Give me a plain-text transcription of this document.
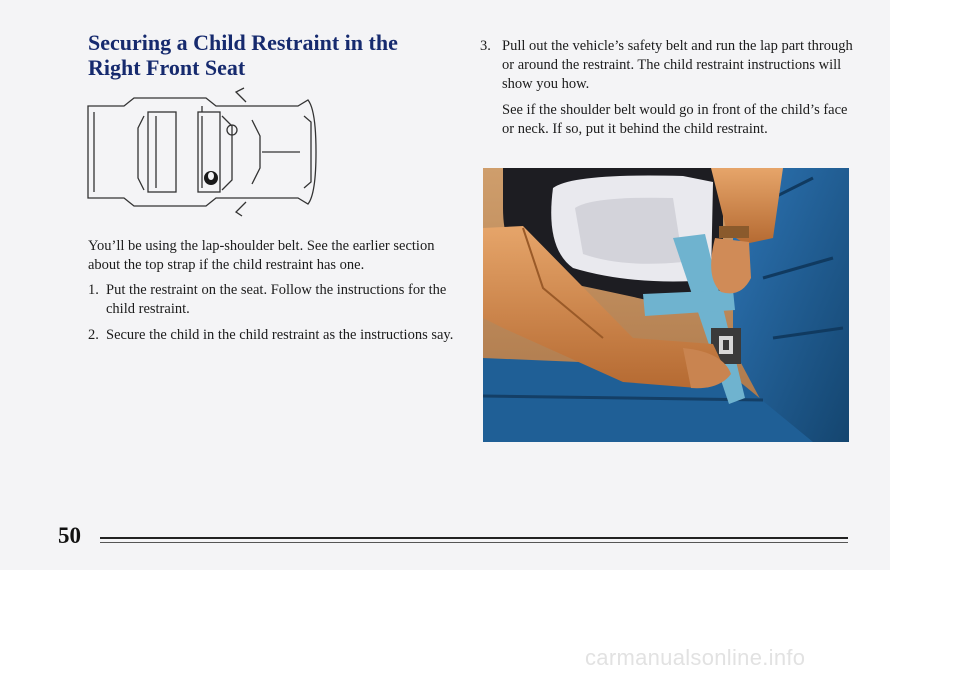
Securing a Child Restraint in the Right Front Seat

You’ll be using the lap-shoulder belt. See the earlier section about the top strap if the child restraint has one.

1. Put the restraint on the seat. Follow the instructions for the child restraint.
2. Secure the child in the child restraint as the instructions say.
3. Pull out the vehicle’s safety belt and run the lap part through or around the restraint. The child restraint instructions will show you how.

See if the shoulder belt would go in front of the child’s face or neck. If so, put it behind the child restraint.

50
carmanualsonline.info
